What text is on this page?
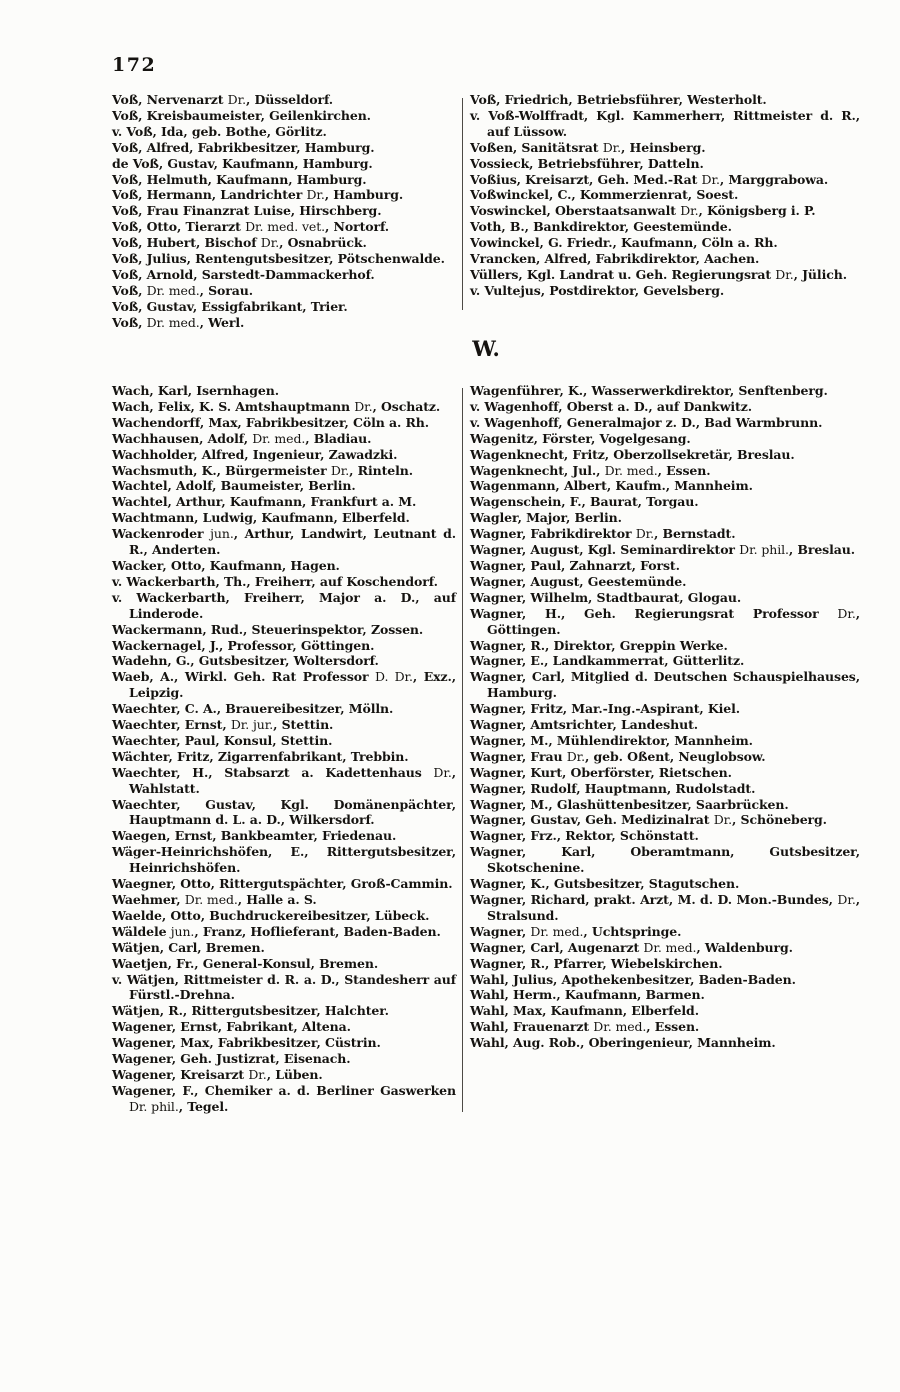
172
Voß, Nervenarzt Dr., Düsseldorf.
Voß, Kreisbaumeister, Geilenkirchen.
v. Voß, Ida, geb. Bothe, Görlitz.
Voß, Alfred, Fabrikbesitzer, Hamburg.
de Voß, Gustav, Kaufmann, Hamburg.
Voß, Helmuth, Kaufmann, Hamburg.
Voß, Hermann, Landrichter Dr., Hamburg.
Voß, Frau Finanzrat Luise, Hirschberg.
Voß, Otto, Tierarzt Dr. med. vet., Nortorf.
Voß, Hubert, Bischof Dr., Osnabrück.
Voß, Julius, Rentengutsbesitzer, Pötschenwalde.
Voß, Arnold, Sarstedt-Dammackerhof.
Voß, Dr. med., Sorau.
Voß, Gustav, Essigfabrikant, Trier.
Voß, Dr. med., Werl.
Voß, Friedrich, Betriebsführer, Westerholt.
v. Voß-Wolffradt, Kgl. Kammerherr, Rittmeister d. R., auf Lüssow.
Voßen, Sanitätsrat Dr., Heinsberg.
Vossieck, Betriebsführer, Datteln.
Voßius, Kreisarzt, Geh. Med.-Rat Dr., Marggrabowa.
Voßwinckel, C., Kommerzienrat, Soest.
Voswinckel, Oberstaatsanwalt Dr., Königsberg i. P.
Voth, B., Bankdirektor, Geestemünde.
Vowinckel, G. Friedr., Kaufmann, Cöln a. Rh.
Vrancken, Alfred, Fabrikdirektor, Aachen.
Vüllers, Kgl. Landrat u. Geh. Regierungsrat Dr., Jülich.
v. Vultejus, Postdirektor, Gevelsberg.
W.
Wach, Karl, Isernhagen.
Wach, Felix, K. S. Amtshauptmann Dr., Oschatz.
Wachendorff, Max, Fabrikbesitzer, Cöln a. Rh.
Wachhausen, Adolf, Dr. med., Bladiau.
Wachholder, Alfred, Ingenieur, Zawadzki.
Wachsmuth, K., Bürgermeister Dr., Rinteln.
Wachtel, Adolf, Baumeister, Berlin.
Wachtel, Arthur, Kaufmann, Frankfurt a. M.
Wachtmann, Ludwig, Kaufmann, Elberfeld.
Wackenroder jun., Arthur, Landwirt, Leutnant d. R., Anderten.
Wacker, Otto, Kaufmann, Hagen.
v. Wackerbarth, Th., Freiherr, auf Koschendorf.
v. Wackerbarth, Freiherr, Major a. D., auf Linderode.
Wackermann, Rud., Steuerinspektor, Zossen.
Wackernagel, J., Professor, Göttingen.
Wadehn, G., Gutsbesitzer, Woltersdorf.
Waeb, A., Wirkl. Geh. Rat Professor D. Dr., Exz., Leipzig.
Waechter, C. A., Brauereibesitzer, Mölln.
Waechter, Ernst, Dr. jur., Stettin.
Waechter, Paul, Konsul, Stettin.
Wächter, Fritz, Zigarrenfabrikant, Trebbin.
Waechter, H., Stabsarzt a. Kadettenhaus Dr., Wahlstatt.
Waechter, Gustav, Kgl. Domänenpächter, Hauptmann d. L. a. D., Wilkersdorf.
Waegen, Ernst, Bankbeamter, Friedenau.
Wäger-Heinrichshöfen, E., Rittergutsbesitzer, Heinrichshöfen.
Waegner, Otto, Rittergutspächter, Groß-Cammin.
Waehmer, Dr. med., Halle a. S.
Waelde, Otto, Buchdruckereibesitzer, Lübeck.
Wäldele jun., Franz, Hoflieferant, Baden-Baden.
Wätjen, Carl, Bremen.
Waetjen, Fr., General-Konsul, Bremen.
v. Wätjen, Rittmeister d. R. a. D., Standesherr auf Fürstl.-Drehna.
Wätjen, R., Rittergutsbesitzer, Halchter.
Wagener, Ernst, Fabrikant, Altena.
Wagener, Max, Fabrikbesitzer, Cüstrin.
Wagener, Geh. Justizrat, Eisenach.
Wagener, Kreisarzt Dr., Lüben.
Wagener, F., Chemiker a. d. Berliner Gaswerken Dr. phil., Tegel.
Wagenführer, K., Wasserwerkdirektor, Senftenberg.
v. Wagenhoff, Oberst a. D., auf Dankwitz.
v. Wagenhoff, Generalmajor z. D., Bad Warmbrunn.
Wagenitz, Förster, Vogelgesang.
Wagenknecht, Fritz, Oberzollsekretär, Breslau.
Wagenknecht, Jul., Dr. med., Essen.
Wagenmann, Albert, Kaufm., Mannheim.
Wagenschein, F., Baurat, Torgau.
Wagler, Major, Berlin.
Wagner, Fabrikdirektor Dr., Bernstadt.
Wagner, August, Kgl. Seminardirektor Dr. phil., Breslau.
Wagner, Paul, Zahnarzt, Forst.
Wagner, August, Geestemünde.
Wagner, Wilhelm, Stadtbaurat, Glogau.
Wagner, H., Geh. Regierungsrat Professor Dr., Göttingen.
Wagner, R., Direktor, Greppin Werke.
Wagner, E., Landkammerrat, Gütterlitz.
Wagner, Carl, Mitglied d. Deutschen Schauspielhauses, Hamburg.
Wagner, Fritz, Mar.-Ing.-Aspirant, Kiel.
Wagner, Amtsrichter, Landeshut.
Wagner, M., Mühlendirektor, Mannheim.
Wagner, Frau Dr., geb. Oßent, Neuglobsow.
Wagner, Kurt, Oberförster, Rietschen.
Wagner, Rudolf, Hauptmann, Rudolstadt.
Wagner, M., Glashüttenbesitzer, Saarbrücken.
Wagner, Gustav, Geh. Medizinalrat Dr., Schöneberg.
Wagner, Frz., Rektor, Schönstatt.
Wagner, Karl, Oberamtmann, Gutsbesitzer, Skotschenine.
Wagner, K., Gutsbesitzer, Stagutschen.
Wagner, Richard, prakt. Arzt, M. d. D. Mon.-Bundes, Dr., Stralsund.
Wagner, Dr. med., Uchtspringe.
Wagner, Carl, Augenarzt Dr. med., Waldenburg.
Wagner, R., Pfarrer, Wiebelskirchen.
Wahl, Julius, Apothekenbesitzer, Baden-Baden.
Wahl, Herm., Kaufmann, Barmen.
Wahl, Max, Kaufmann, Elberfeld.
Wahl, Frauenarzt Dr. med., Essen.
Wahl, Aug. Rob., Oberingenieur, Mannheim.
